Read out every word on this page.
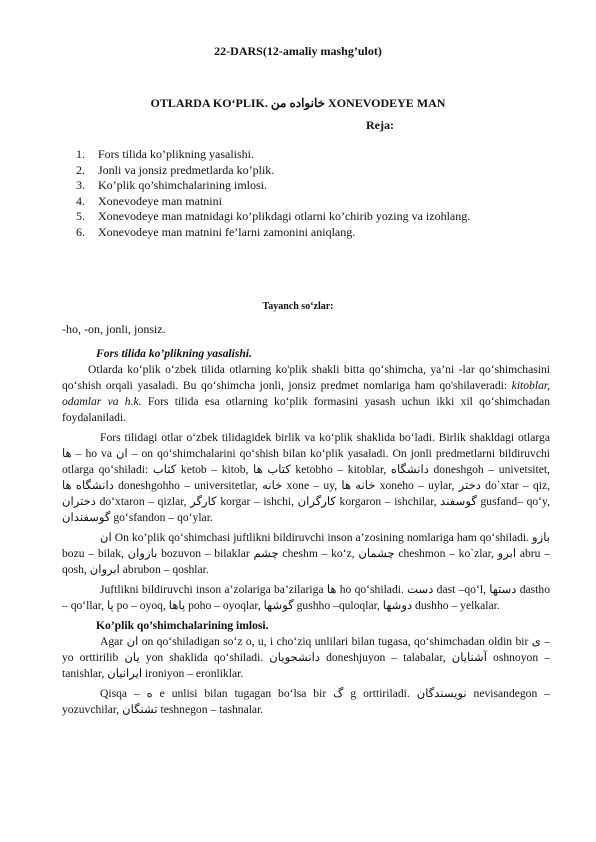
22-DARS(12-amaliy mashg’ulot)
OTLARDA KO‘PLIK. خانواده من XONEVODEYE MAN
Reja:
1. Fors tilida ko’plikning yasalishi.
2. Jonli va jonsiz predmetlarda ko’plik.
3. Ko’plik qo’shimchalarining imlosi.
4. Xonevodeye man matnini
5. Xonevodeye man matnidagi ko’plikdagi otlarni ko’chirib yozing va izohlang.
6. Xonevodeye man matnini fe’larni zamonini aniqlang.
Tayanch so‘zlar:
-ho, -on, jonli, jonsiz.

Fors tilida ko’plikning yasalishi.

Otlarda ko‘plik o‘zbek tilida otlarning ko'plik shakli bitta qo‘shimcha, ya’ni -lar qo‘shimchasini qo‘shish orqali yasaladi. Bu qo‘shimcha jonli, jonsiz predmet nomlariga ham qo'shilaveradi: kitoblar, odamlar va h.k. Fors tilida esa otlarning ko‘plik formasini yasash uchun ikki xil qo‘shimchadan foydalaniladi.

Fors tilidagi otlar o‘zbek tilidagidek birlik va ko‘plik shaklida bo‘ladi. Birlik shakldagi otlarga ها – ho va ان – on qo‘shimchalarini qo‘shish bilan ko‘plik yasaladi. On jonli predmetlarni bildiruvchi otlarga qo‘shiladi: کتاب ketob – kitob, کتاب ها ketobho – kitoblar, دانشگاه doneshgoh – univetsitet, دانشگاه ها doneshgohho – universitetlar, خانه xone – uy, خانه ها xoneho – uylar, دختر do`xtar – qiz, دختران do‘xtaron – qizlar, کارگر korgar – ishchi, کارگران korgaron – ishchilar, گوسفند gusfand– qo‘y, گوسفندان go‘sfandon – qo‘ylar.

ان On ko’plik qo‘shimchasi juftlikni bildiruvchi inson a’zosining nomlariga ham qo‘shiladi. بازو bozu – bilak, بازوان bozuvon – bilaklar چشم cheshm – ko‘z, چشمان cheshmon – ko`zlar, ابرو abru – qosh, ابروان abrubon – qoshlar.

Juftlikni bildiruvchi inson a’zolariga ba’zilariga ها ho qo‘shiladi. دست dast –qo‘l, دستها dastho – qo‘llar, پا po – oyoq, پاها poho – oyoqlar, گوشها gushho –quloqlar, دوشها dushho – yelkalar.

Ko’plik qo’shimchalarining imlosi.

Agar ان on qo‘shiladigan so‘z o, u, i cho‘ziq unlilari bilan tugasa, qo‘shimchadan oldin bir ی – yo orttirilib یان yon shaklida qo‘shiladi. دانشجویان doneshjuyon – talabalar, آشنایان oshnoyon – tanishlar, ایرانیان ironiyon – eronliklar.

Qisqa – ه e unlisi bilan tugagan bo‘lsa bir گ g orttiriladi. نویسندگان nevisandegon – yozuvchilar, تشنگان teshnegon – tashnalar.
